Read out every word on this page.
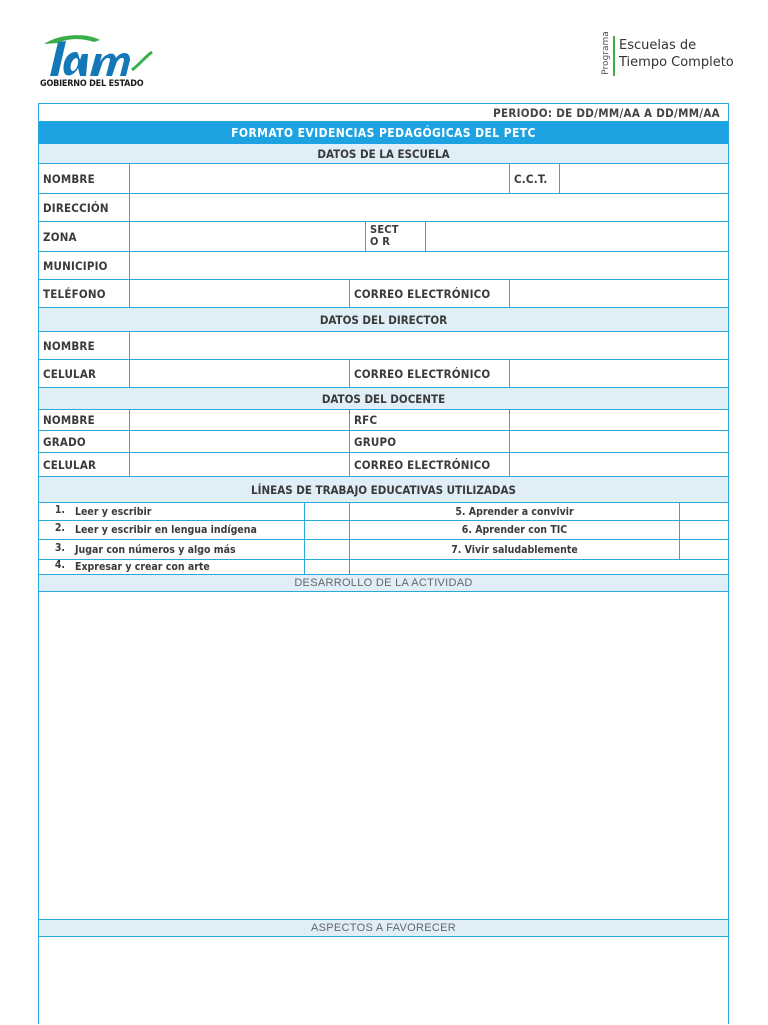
GOBIERNO DEL ESTADO
Programa Escuelas de
Tiempo Completo
PERIODO: DE DD/MM/AA A DD/MM/AA
FORMATO EVIDENCIAS PEDAGÓGICAS DEL PETC
DATOS DE LA ESCUELA
NOMBRE	C.C.T.
DIRECCIÓN
ZONA	SECTO R
MUNICIPIO
TELÉFONO	CORREO ELECTRÓNICO
DATOS DEL DIRECTOR
NOMBRE
CELULAR	CORREO ELECTRÓNICO
DATOS DEL DOCENTE
NOMBRE	RFC
GRADO	GRUPO
CELULAR	CORREO ELECTRÓNICO
LÍNEAS DE TRABAJO EDUCATIVAS UTILIZADAS
1. Leer y escribir	5. Aprender a convivir
2. Leer y escribir en lengua indígena	6. Aprender con TIC
3. Jugar con números y algo más	7. Vivir saludablemente
4. Expresar y crear con arte
DESARROLLO DE LA ACTIVIDAD
ASPECTOS A FAVORECER
